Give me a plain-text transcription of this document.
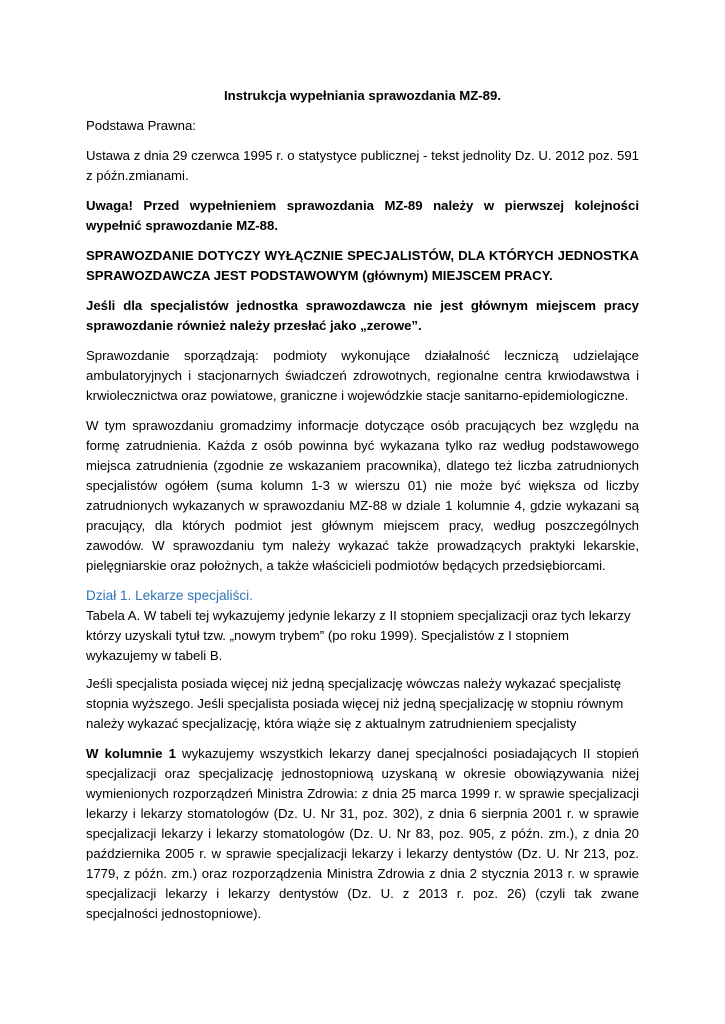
Instrukcja wypełniania sprawozdania MZ-89.

Podstawa Prawna:

Ustawa z dnia 29 czerwca 1995 r. o statystyce publicznej - tekst jednolity Dz. U. 2012 poz. 591 z późn.zmianami.

Uwaga! Przed wypełnieniem sprawozdania MZ-89 należy w pierwszej kolejności wypełnić sprawozdanie MZ-88.

SPRAWOZDANIE DOTYCZY WYŁĄCZNIE SPECJALISTÓW, DLA KTÓRYCH JEDNOSTKA SPRAWOZDAWCZA JEST PODSTAWOWYM (głównym) MIEJSCEM PRACY.

Jeśli dla specjalistów jednostka sprawozdawcza nie jest głównym miejscem pracy sprawozdanie również należy przesłać jako „zerowe”.

Sprawozdanie sporządzają: podmioty wykonujące działalność leczniczą udzielające ambulatoryjnych i stacjonarnych świadczeń zdrowotnych, regionalne centra krwiodawstwa i krwiolecznictwa oraz powiatowe, graniczne i wojewódzkie stacje sanitarno-epidemiologiczne.

W tym sprawozdaniu gromadzimy informacje dotyczące osób pracujących bez względu na formę zatrudnienia. Każda z osób powinna być wykazana tylko raz według podstawowego miejsca zatrudnienia (zgodnie ze wskazaniem pracownika), dlatego też liczba zatrudnionych specjalistów ogółem (suma kolumn 1-3 w wierszu 01) nie może być większa od liczby zatrudnionych wykazanych w sprawozdaniu MZ-88 w dziale 1 kolumnie 4, gdzie wykazani są pracujący, dla których podmiot jest głównym miejscem pracy, według poszczególnych zawodów. W sprawozdaniu tym należy wykazać także prowadzących praktyki lekarskie, pielęgniarskie oraz położnych, a także właścicieli podmiotów będących przedsiębiorcami.

Dział 1. Lekarze specjaliści.

Tabela A. W tabeli tej wykazujemy jedynie lekarzy z II stopniem specjalizacji oraz tych lekarzy którzy uzyskali tytuł tzw. „nowym trybem” (po roku 1999). Specjalistów z I stopniem wykazujemy w tabeli B.

Jeśli specjalista posiada więcej niż jedną specjalizację wówczas należy wykazać specjalistę stopnia wyższego. Jeśli specjalista posiada więcej niż jedną specjalizację w stopniu równym należy wykazać specjalizację, która wiąże się z aktualnym zatrudnieniem specjalisty

W kolumnie 1 wykazujemy wszystkich lekarzy danej specjalności posiadających II stopień specjalizacji oraz specjalizację jednostopniową uzyskaną w okresie obowiązywania niżej wymienionych rozporządzeń Ministra Zdrowia: z dnia 25 marca 1999 r. w sprawie specjalizacji lekarzy i lekarzy stomatologów (Dz. U. Nr 31, poz. 302), z dnia 6 sierpnia 2001 r. w sprawie specjalizacji lekarzy i lekarzy stomatologów (Dz. U. Nr 83, poz. 905, z późn. zm.), z dnia 20 października 2005 r. w sprawie specjalizacji lekarzy i lekarzy dentystów (Dz. U. Nr 213, poz. 1779, z późn. zm.) oraz rozporządzenia Ministra Zdrowia z dnia 2 stycznia 2013 r. w sprawie specjalizacji lekarzy i lekarzy dentystów (Dz. U. z 2013 r. poz. 26) (czyli tak zwane specjalności jednostopniowe).
